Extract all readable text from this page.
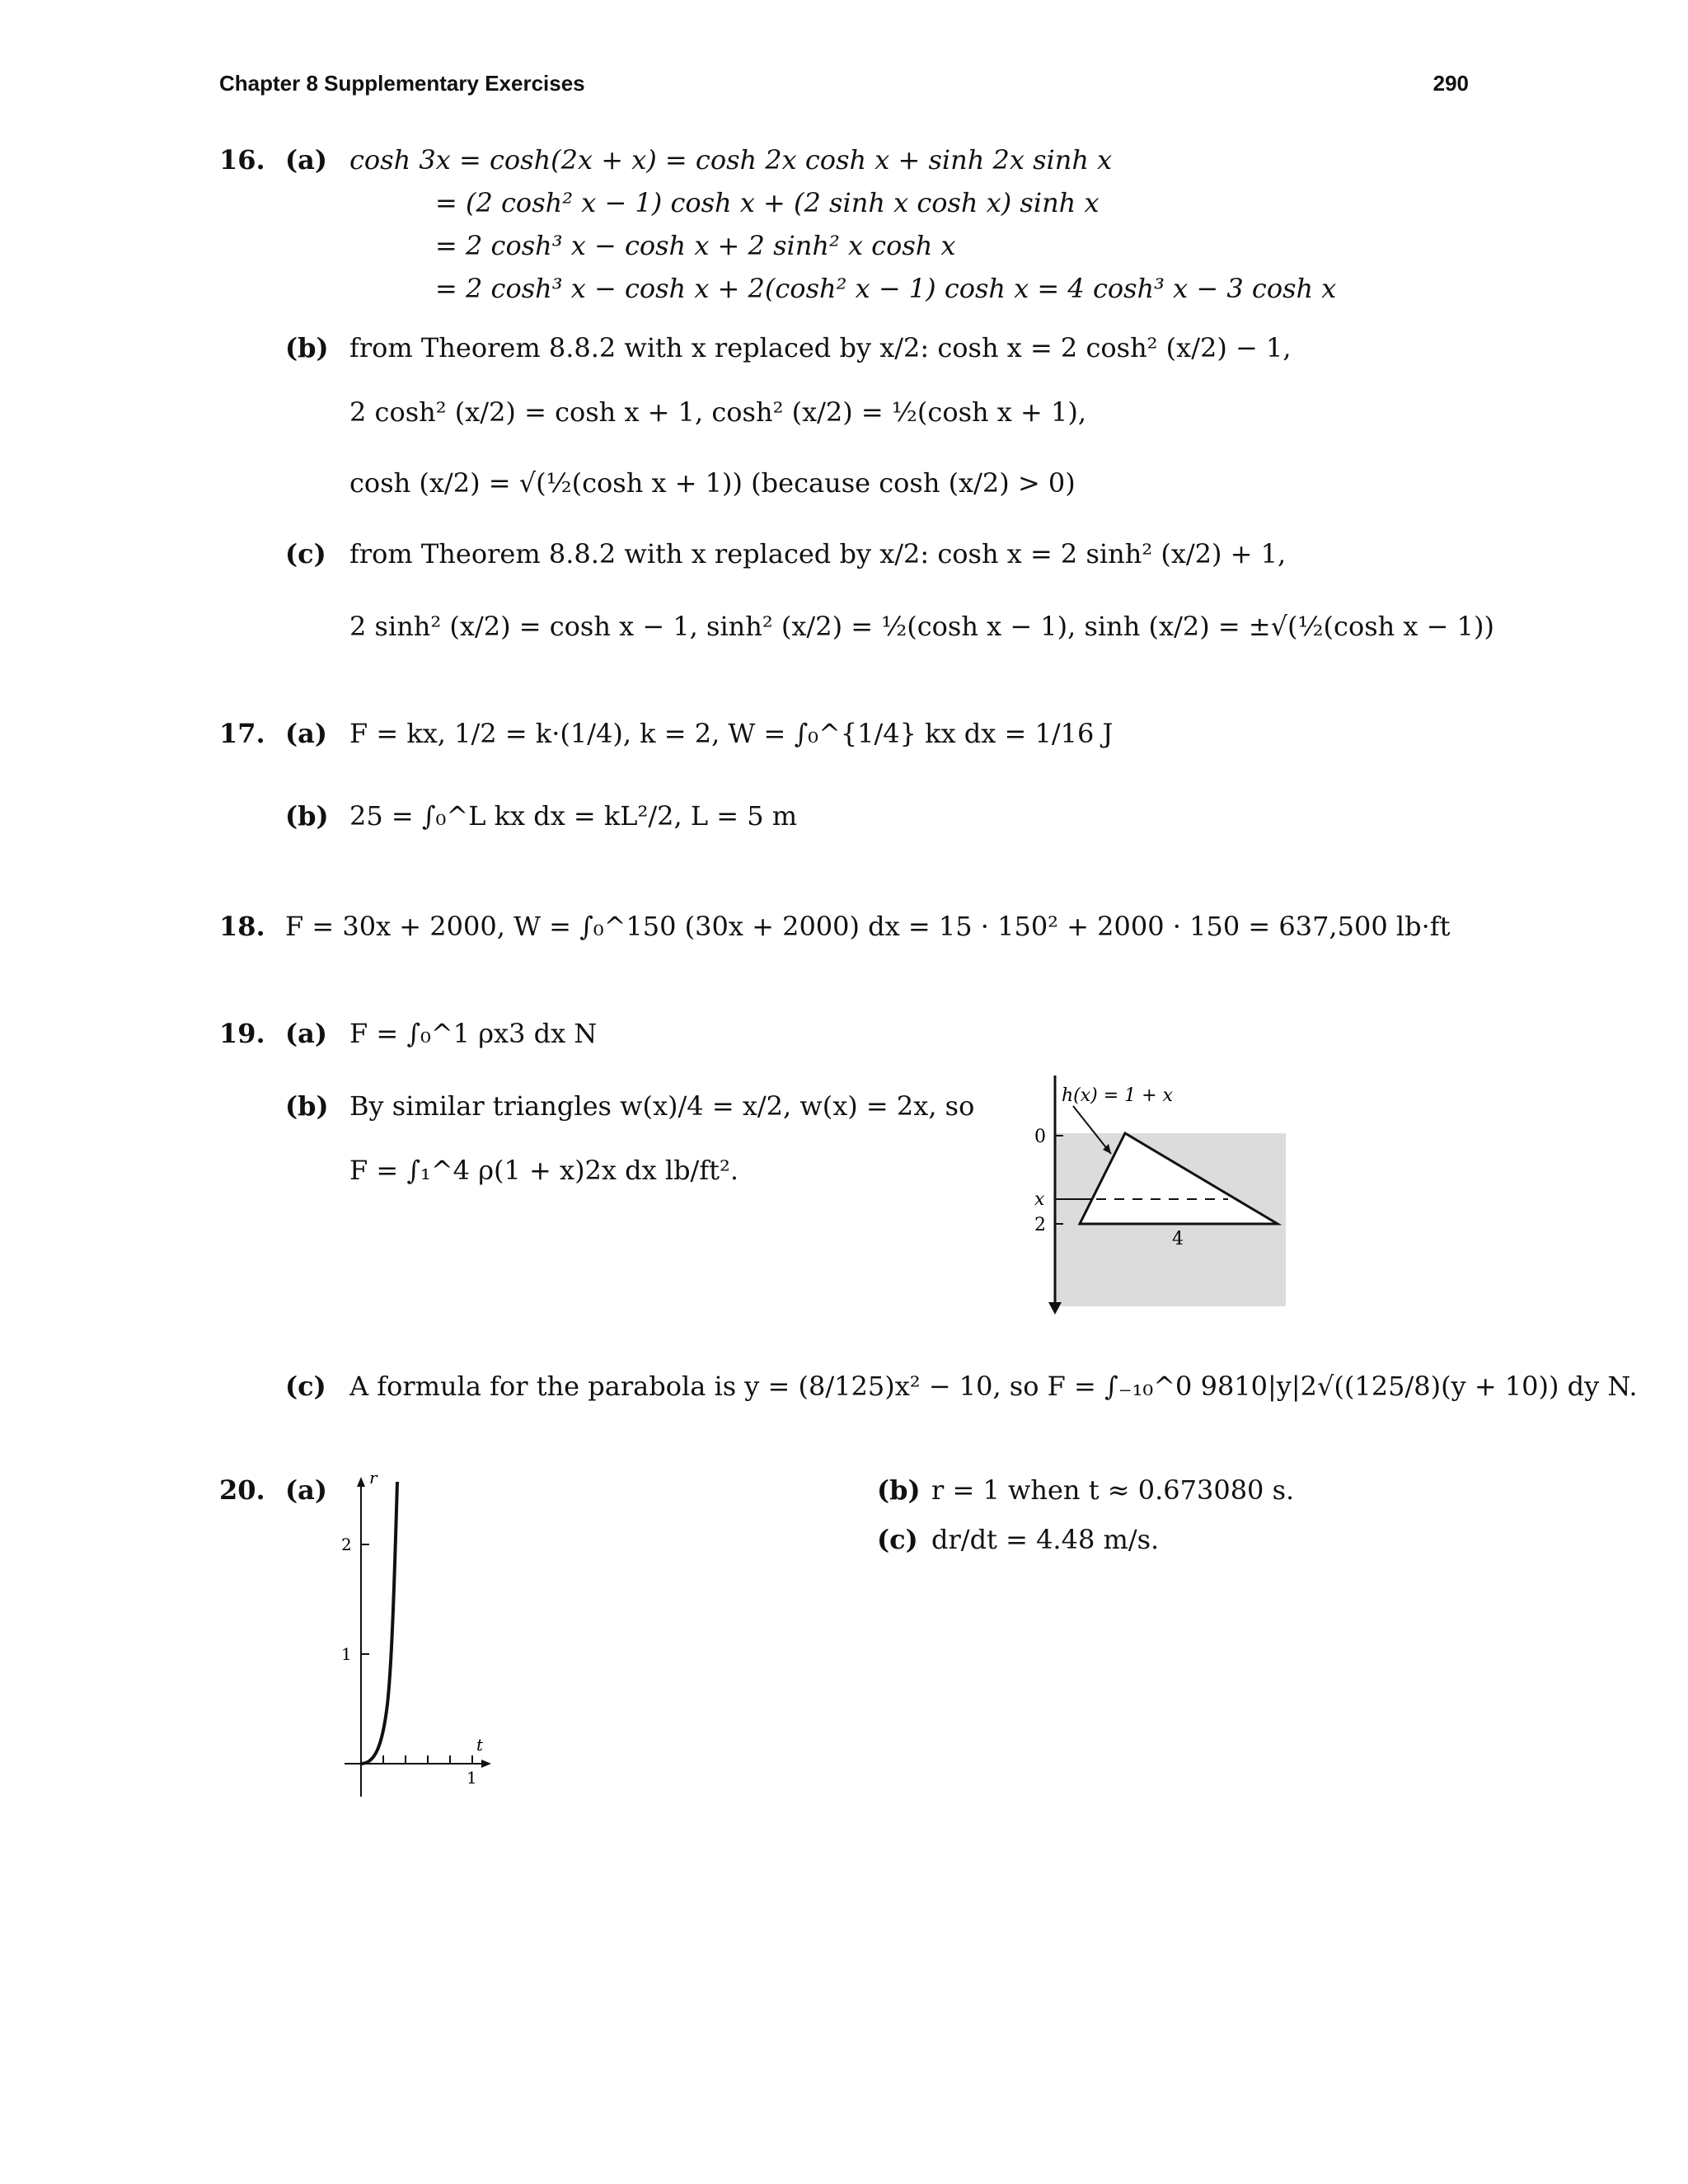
Chapter 8 Supplementary Exercises	290
16. (a) cosh 3x = cosh(2x + x) = cosh 2x cosh x + sinh 2x sinh x
= (2 cosh² x − 1) cosh x + (2 sinh x cosh x) sinh x
= 2 cosh³ x − cosh x + 2 sinh² x cosh x
= 2 cosh³ x − cosh x + 2(cosh² x − 1) cosh x = 4 cosh³ x − 3 cosh x
(b) from Theorem 8.8.2 with x replaced by x/2: cosh x = 2 cosh² (x/2) − 1,
2 cosh² (x/2) = cosh x + 1, cosh² (x/2) = ½(cosh x + 1),
cosh (x/2) = √(½(cosh x + 1)) (because cosh (x/2) > 0)
(c) from Theorem 8.8.2 with x replaced by x/2: cosh x = 2 sinh² (x/2) + 1,
2 sinh² (x/2) = cosh x − 1, sinh² (x/2) = ½(cosh x − 1), sinh (x/2) = ±√(½(cosh x − 1))
17. (a) F = kx, 1/2 = k·(1/4), k = 2, W = ∫₀^{1/4} kx dx = 1/16 J
(b) 25 = ∫₀^L kx dx = kL²/2, L = 5 m
18. F = 30x + 2000, W = ∫₀^150 (30x + 2000) dx = 15 · 150² + 2000 · 150 = 637,500 lb·ft
19. (a) F = ∫₀^1 ρx3 dx N
(b) By similar triangles w(x)/4 = x/2, w(x) = 2x, so
F = ∫₁^4 ρ(1 + x)2x dx lb/ft².
h(x) = 1 + x
0
x
2
4
(c) A formula for the parabola is y = (8/125)x² − 10, so F = ∫₋₁₀^0 9810|y|2√((125/8)(y + 10)) dy N.
20. (a)	r
t
2
1
1
(b) r = 1 when t ≈ 0.673080 s.
(c) dr/dt = 4.48 m/s.
